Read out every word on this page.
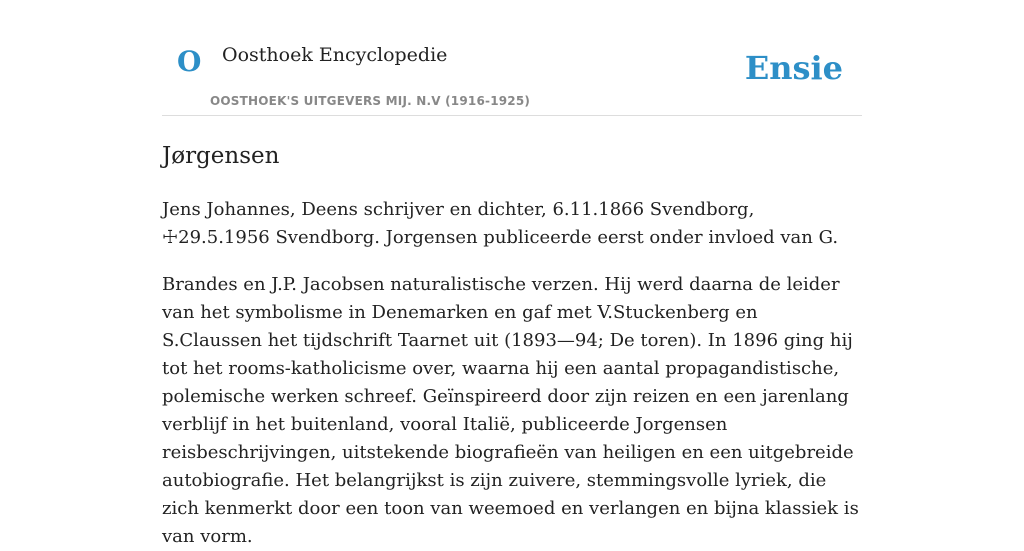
O Oosthoek Encyclopedie
OOSTHOEK'S UITGEVERS MIJ. N.V (1916-1925)
Ensie
Jørgensen

Jens Johannes, Deens schrijver en dichter, 6.11.1866 Svendborg, ☩29.5.1956 Svendborg. Jorgensen publiceerde eerst onder invloed van G.

Brandes en J.P. Jacobsen naturalistische verzen. Hij werd daarna de leider van het symbolisme in Denemarken en gaf met V.Stuckenberg en S.Claussen het tijdschrift Taarnet uit (1893—94; De toren). In 1896 ging hij tot het rooms-katholicisme over, waarna hij een aantal propagandistische, polemische werken schreef. Geïnspireerd door zijn reizen en een jarenlang verblijf in het buitenland, vooral Italië, publiceerde Jorgensen reisbeschrijvingen, uitstekende biografieën van heiligen en een uitgebreide autobiografie. Het belangrijkst is zijn zuivere, stemmingsvolle lyriek, die zich kenmerkt door een toon van weemoed en verlangen en bijna klassiek is van vorm.
